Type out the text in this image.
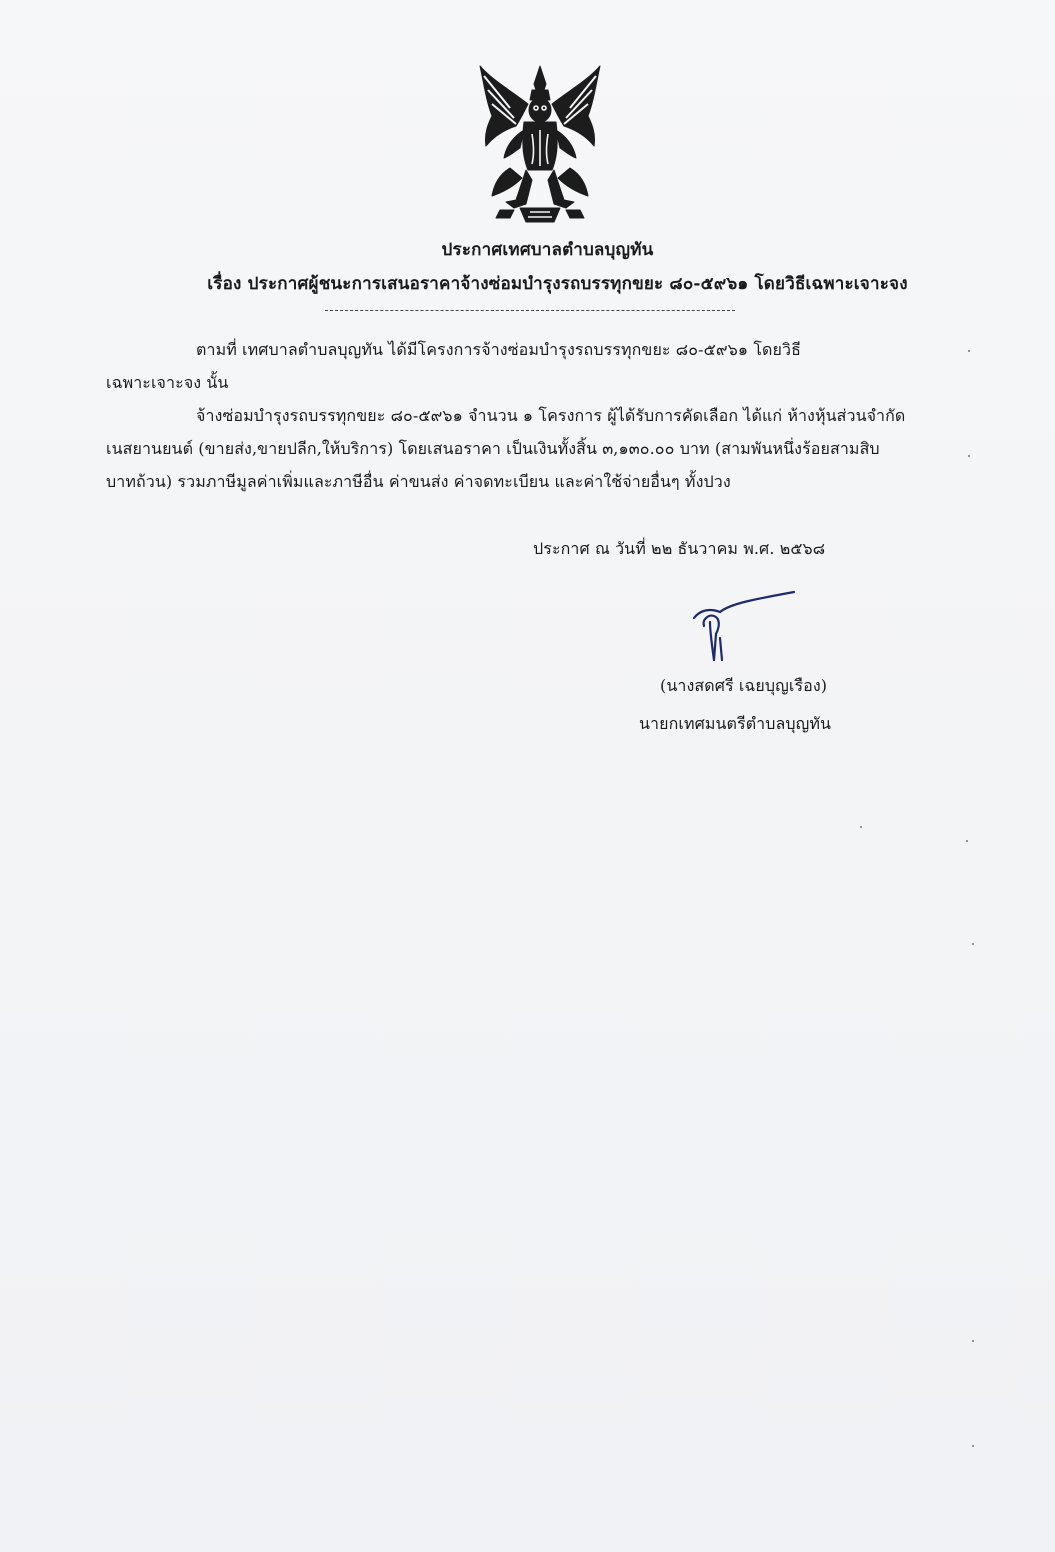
ประกาศเทศบาลตำบลบุญทัน
เรื่อง ประกาศผู้ชนะการเสนอราคาจ้างซ่อมบำรุงรถบรรทุกขยะ ๘๐-๕๙๖๑ โดยวิธีเฉพาะเจาะจง
ตามที่ เทศบาลตำบลบุญทัน ได้มีโครงการจ้างซ่อมบำรุงรถบรรทุกขยะ ๘๐-๕๙๖๑ โดยวิธี
เฉพาะเจาะจง นั้น
จ้างซ่อมบำรุงรถบรรทุกขยะ ๘๐-๕๙๖๑ จำนวน ๑ โครงการ ผู้ได้รับการคัดเลือก ได้แก่ ห้างหุ้นส่วนจำกัด
เนสยานยนต์ (ขายส่ง,ขายปลีก,ให้บริการ) โดยเสนอราคา เป็นเงินทั้งสิ้น ๓,๑๓๐.๐๐ บาท (สามพันหนึ่งร้อยสามสิบ
บาทถ้วน) รวมภาษีมูลค่าเพิ่มและภาษีอื่น ค่าขนส่ง ค่าจดทะเบียน และค่าใช้จ่ายอื่นๆ ทั้งปวง
ประกาศ ณ วันที่ ๒๒ ธันวาคม พ.ศ. ๒๕๖๘
(นางสดศรี เฉยบุญเรือง)
นายกเทศมนตรีตำบลบุญทัน
